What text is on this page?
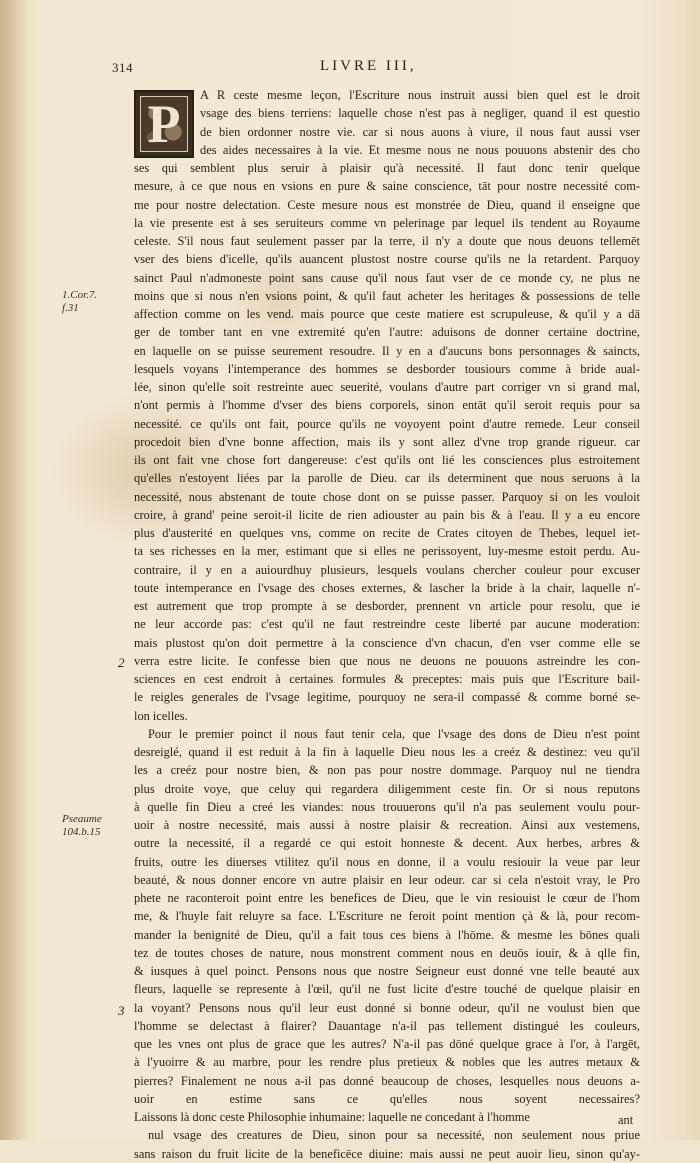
314	LIVRE III,
P	A R ceste mesme leçon, l'Escriture nous instruit aussi bien quel est le droit
vsage des biens terriens: laquelle chose n'est pas à negliger, quand il est questio
de bien ordonner nostre vie. car si nous auons à viure, il nous faut aussi vser
des aides necessaires à la vie. Et mesme nous ne nous pouuons abstenir des cho
ses qui semblent plus seruir à plaisir qu'à necessité. Il faut donc tenir quelque
mesure, à ce que nous en vsions en pure & saine conscience, tāt pour nostre necessité com-
me pour nostre delectation. Ceste mesure nous est monstrée de Dieu, quand il enseigne que
la vie presente est à ses seruiteurs comme vn pelerinage par lequel ils tendent au Royaume
celeste. S'il nous faut seulement passer par la terre, il n'y a doute que nous deuons tellemēt
vser des biens d'icelle, qu'ils auancent plustost nostre course qu'ils ne la retardent. Parquoy
sainct Paul n'admoneste point sans cause qu'il nous faut vser de ce monde cy, ne plus ne
moins que si nous n'en vsions point, & qu'il faut acheter les heritages & possessions de telle
affection comme on les vend. mais pource que ceste matiere est scrupuleuse, & qu'il y a dā
ger de tomber tant en vne extremité qu'en l'autre: aduisons de donner certaine doctrine,
en laquelle on se puisse seurement resoudre. Il y en a d'aucuns bons personnages & saincts,
lesquels voyans l'intemperance des hommes se desborder tousiours comme à bride aual-
lée, sinon qu'elle soit restreinte auec seuerité, voulans d'autre part corriger vn si grand mal,
n'ont permis à l'homme d'vser des biens corporels, sinon entāt qu'il seroit requis pour sa
necessité. ce qu'ils ont fait, pource qu'ils ne voyoyent point d'autre remede. Leur conseil
procedoit bien d'vne bonne affection, mais ils y sont allez d'vne trop grande rigueur. car
ils ont fait vne chose fort dangereuse: c'est qu'ils ont lié les consciences plus estroitement
qu'elles n'estoyent liées par la parolle de Dieu. car ils determinent que nous seruons à la
necessité, nous abstenant de toute chose dont on se puisse passer. Parquoy si on les vouloit
croire, à grand' peine seroit-il licite de rien adiouster au pain bis & à l'eau. Il y a eu encore
plus d'austerité en quelques vns, comme on recite de Crates citoyen de Thebes, lequel iet-
ta ses richesses en la mer, estimant que si elles ne perissoyent, luy-mesme estoit perdu. Au-
contraire, il y en a auiourdhuy plusieurs, lesquels voulans chercher couleur pour excuser
toute intemperance en l'vsage des choses externes, & lascher la bride à la chair, laquelle n'-
est autrement que trop prompte à se desborder, prennent vn article pour resolu, que ie
ne leur accorde pas: c'est qu'il ne faut restreindre ceste liberté par aucune moderation:
mais plustost qu'on doit permettre à la conscience d'vn chacun, d'en vser comme elle se
verra estre licite. Ie confesse bien que nous ne deuons ne pouuons astreindre les con-
sciences en cest endroit à certaines formules & preceptes: mais puis que l'Escriture bail-
le reigles generales de l'vsage legitime, pourquoy ne sera-il compassé & comme borné se-
lon icelles.
Pour le premier poinct il nous faut tenir cela, que l'vsage des dons de Dieu n'est point
desreiglé, quand il est reduit à la fin à laquelle Dieu nous les a creéz & destinez: veu qu'il
les a creéz pour nostre bien, & non pas pour nostre dommage. Parquoy nul ne tiendra
plus droite voye, que celuy qui regardera diligemment ceste fin. Or si nous reputons
à quelle fin Dieu a creé les viandes: nous trouuerons qu'il n'a pas seulement voulu pour-
uoir à nostre necessité, mais aussi à nostre plaisir & recreation. Ainsi aux vestemens,
outre la necessité, il a regardé ce qui estoit honneste & decent. Aux herbes, arbres &
fruits, outre les diuerses vtilitez qu'il nous en donne, il a voulu resiouir la veue par leur
beauté, & nous donner encore vn autre plaisir en leur odeur. car si cela n'estoit vray, le Pro
phete ne raconteroit point entre les benefices de Dieu, que le vin resiouist le cœur de l'hom
me, & l'huyle fait reluyre sa face. L'Escriture ne feroit point mention çà & là, pour recom-
mander la benignité de Dieu, qu'il a fait tous ces biens à l'hōme. & mesme les bōnes quali
tez de toutes choses de nature, nous monstrent comment nous en deuōs iouir, & à qlle fin,
& iusques à quel poinct. Pensons nous que nostre Seigneur eust donné vne telle beauté aux
fleurs, laquelle se represente à l'œil, qu'il ne fust licite d'estre touché de quelque plaisir en
la voyant? Pensons nous qu'il leur eust donné si bonne odeur, qu'il ne voulust bien que
l'homme se delectast à flairer? Dauantage n'a-il pas tellement distingué les couleurs,
que les vnes ont plus de grace que les autres? N'a-il pas dōné quelque grace à l'or, à l'argēt,
à l'yuoirre & au marbre, pour les rendre plus pretieux & nobles que les autres metaux &
pierres? Finalement ne nous a-il pas donné beaucoup de choses, lesquelles nous deuons a-
uoir en estime sans ce qu'elles nous soyent necessaires?
Laissons là donc ceste Philosophie inhumaine: laquelle ne concedant à l'homme
nul vsage des creatures de Dieu, sinon pour sa necessité, non seulement nous priue
sans raison du fruit licite de la beneficēce diuine: mais aussi ne peut auoir lieu, sinon qu'ay-
1.Cor.7.
f.31
Pseaume
104.b.15
2
3
ant
